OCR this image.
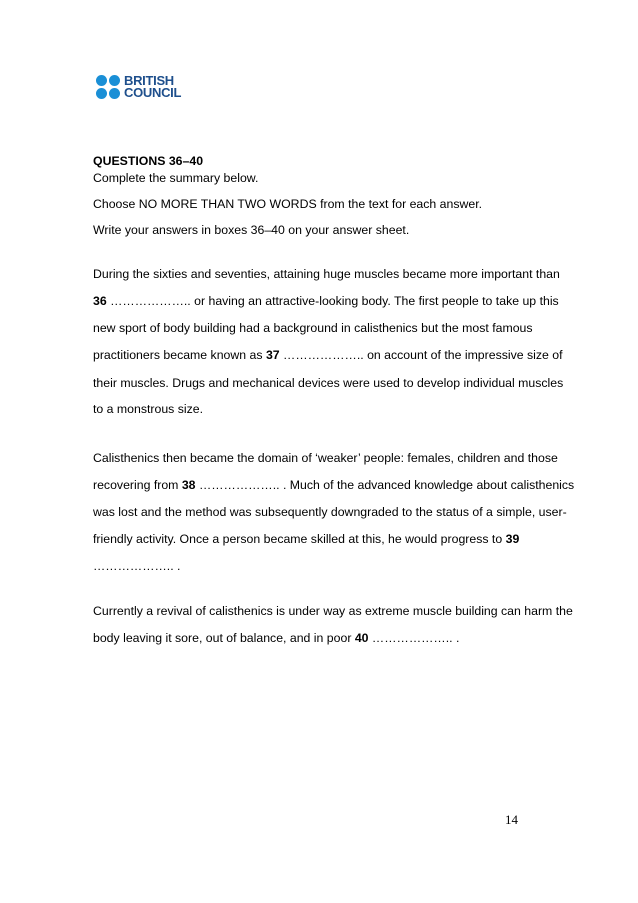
BRITISH
COUNCIL
QUESTIONS 36–40
Complete the summary below.
Choose NO MORE THAN TWO WORDS from the text for each answer.
Write your answers in boxes 36–40 on your answer sheet.
During the sixties and seventies, attaining huge muscles became more important than
36 ……………….. or having an attractive-looking body. The first people to take up this
new sport of body building had a background in calisthenics but the most famous
practitioners became known as 37 ……………….. on account of the impressive size of
their muscles. Drugs and mechanical devices were used to develop individual muscles
to a monstrous size.
Calisthenics then became the domain of ‘weaker’ people: females, children and those
recovering from 38 ……………….. . Much of the advanced knowledge about calisthenics
was lost and the method was subsequently downgraded to the status of a simple, user-
friendly activity. Once a person became skilled at this, he would progress to 39
……………….. .
Currently a revival of calisthenics is under way as extreme muscle building can harm the
body leaving it sore, out of balance, and in poor 40 ……………….. .
14
